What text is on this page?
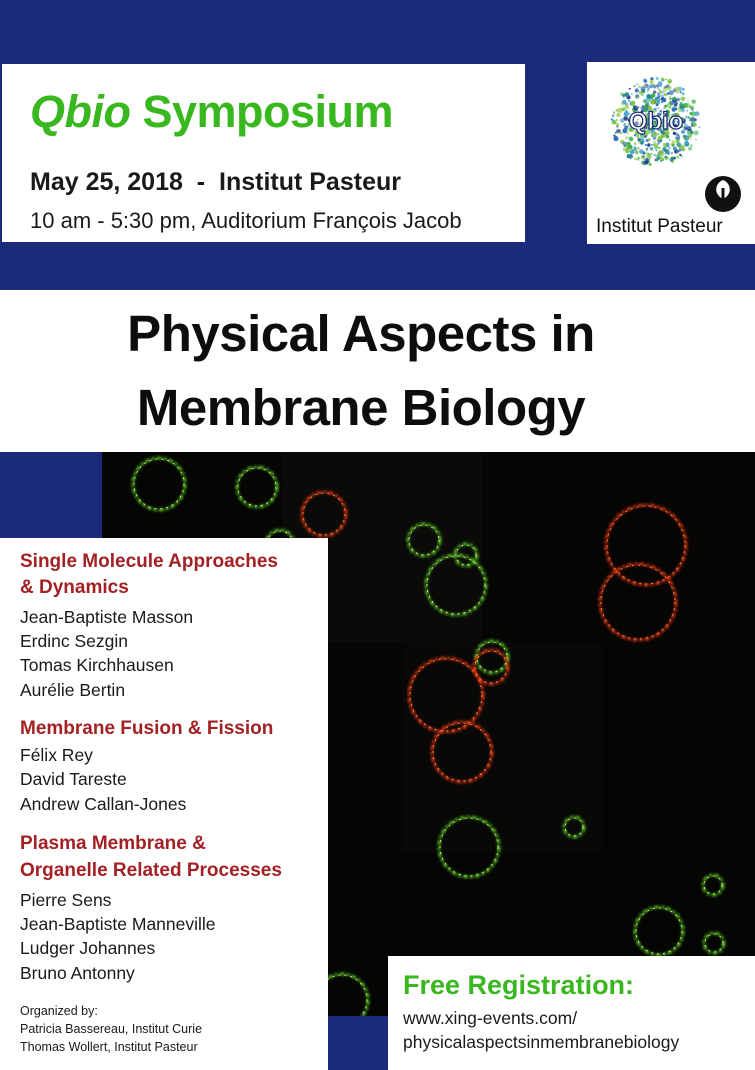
Qbio Symposium
May 25, 2018  -  Institut Pasteur
10 am - 5:30 pm, Auditorium François Jacob
Qbio
Institut Pasteur
Physical Aspects in
Membrane Biology
Single Molecule Approaches
& Dynamics
Jean-Baptiste Masson
Erdinc Sezgin
Tomas Kirchhausen
Aurélie Bertin
Membrane Fusion & Fission
Félix Rey
David Tareste
Andrew Callan-Jones
Plasma Membrane &
Organelle Related Processes
Pierre Sens
Jean-Baptiste Manneville
Ludger Johannes
Bruno Antonny
Organized by:
Patricia Bassereau, Institut Curie
Thomas Wollert, Institut Pasteur
Free Registration:
www.xing-events.com/
physicalaspectsinmembranebiology
